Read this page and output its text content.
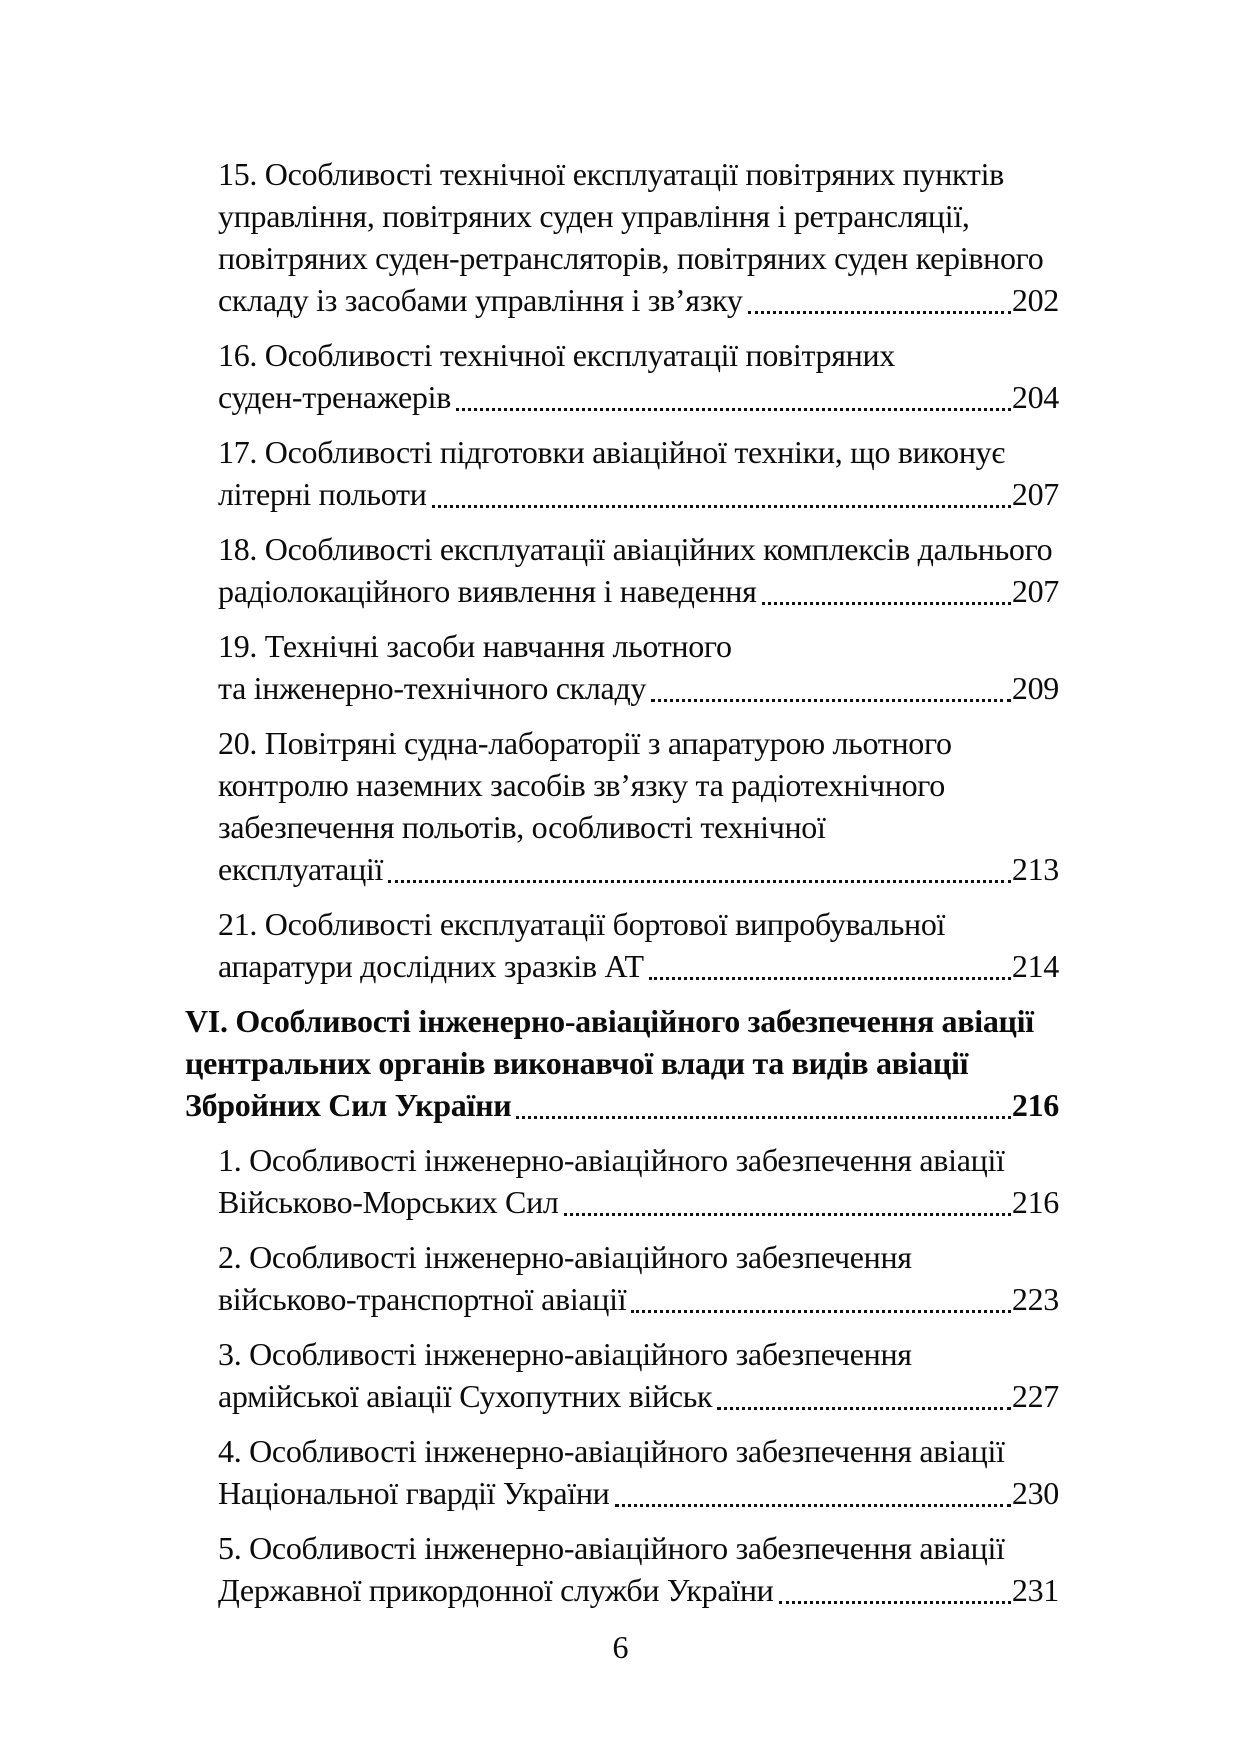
15. Особливості технічної експлуатації повітряних пунктів
управління, повітряних суден управління і ретрансляції,
повітряних суден-ретрансляторів, повітряних суден керівного
складу із засобами управління і зв’язку	202
16. Особливості технічної експлуатації повітряних
суден-тренажерів	204
17. Особливості підготовки авіаційної техніки, що виконує
літерні польоти	207
18. Особливості експлуатації авіаційних комплексів дальнього
радіолокаційного виявлення і наведення	207
19. Технічні засоби навчання льотного
та інженерно-технічного складу	209
20. Повітряні судна-лабораторії з апаратурою льотного
контролю наземних засобів зв’язку та радіотехнічного
забезпечення польотів, особливості технічної
експлуатації	213
21. Особливості експлуатації бортової випробувальної
апаратури дослідних зразків АТ	214
VI. Особливості інженерно-авіаційного забезпечення авіації
центральних органів виконавчої влади та видів авіації
Збройних Сил України	216
1. Особливості інженерно-авіаційного забезпечення авіації
Військово-Морських Сил	216
2. Особливості інженерно-авіаційного забезпечення
військово-транспортної авіації	223
3. Особливості інженерно-авіаційного забезпечення
армійської авіації Сухопутних військ	227
4. Особливості інженерно-авіаційного забезпечення авіації
Національної гвардії України	230
5. Особливості інженерно-авіаційного забезпечення авіації
Державної прикордонної служби України	231
6
